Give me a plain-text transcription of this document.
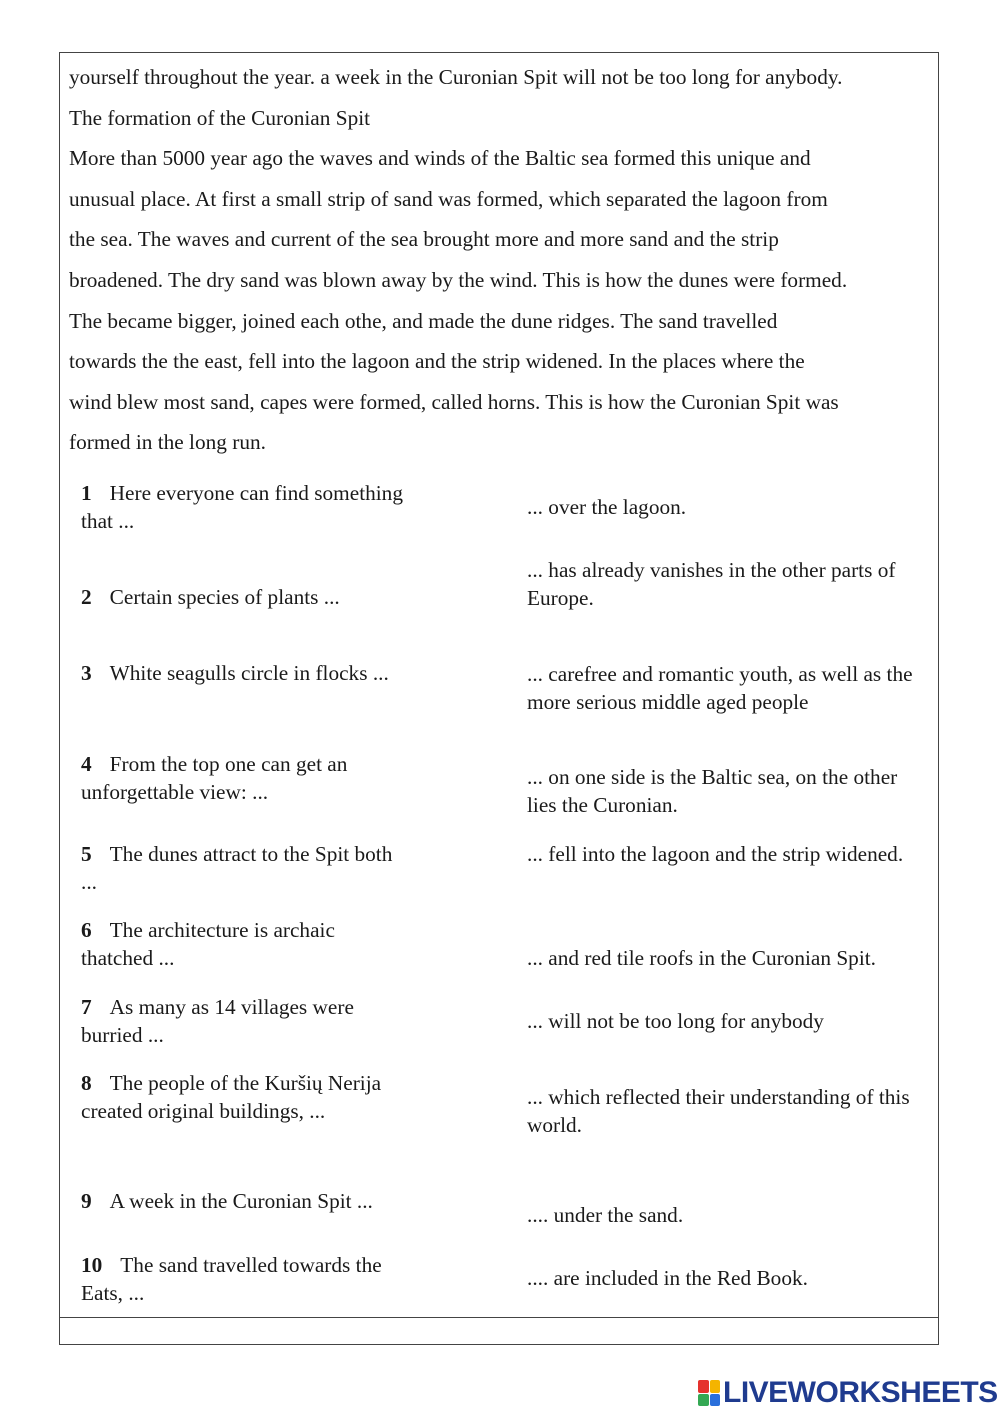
yourself throughout the year. a week in the Curonian Spit will not be too long for anybody.

The formation of the Curonian Spit

More than 5000 year ago the waves and winds of the Baltic sea formed this unique and

unusual place. At first a small strip of sand was formed, which separated the lagoon from

the sea. The waves and current of the sea brought more and more sand and the strip

broadened. The dry sand was blown away by the wind. This is how the dunes were formed.

The became bigger, joined each othe, and made the dune ridges. The sand travelled

towards the the east, fell into the lagoon and the strip widened. In the places where the

wind blew most sand, capes were formed, called horns. This is how the Curonian Spit was

formed in the long run.

1 Here everyone can find something that ...
2 Certain species of plants ...
3 White seagulls circle in flocks ...
4 From the top one can get an unforgettable view: ...
5 The dunes attract to the Spit both ...
6 The architecture is archaic thatched ...
7 As many as 14 villages were burried ...
8 The people of the Kuršių Nerija created original buildings, ...
9 A week in the Curonian Spit ...
10 The sand travelled towards the Eats, ...
... over the lagoon.
... has already vanishes in the other parts of Europe.
... carefree and romantic youth, as well as the more serious middle aged people
... on one side is the Baltic sea, on the other lies the Curonian.
... fell into the lagoon and the strip widened.
... and red tile roofs in the Curonian Spit.
... will not be too long for anybody
... which reflected their understanding of this world.
.... under the sand.
.... are included in the Red Book.
LIVEWORKSHEETS
